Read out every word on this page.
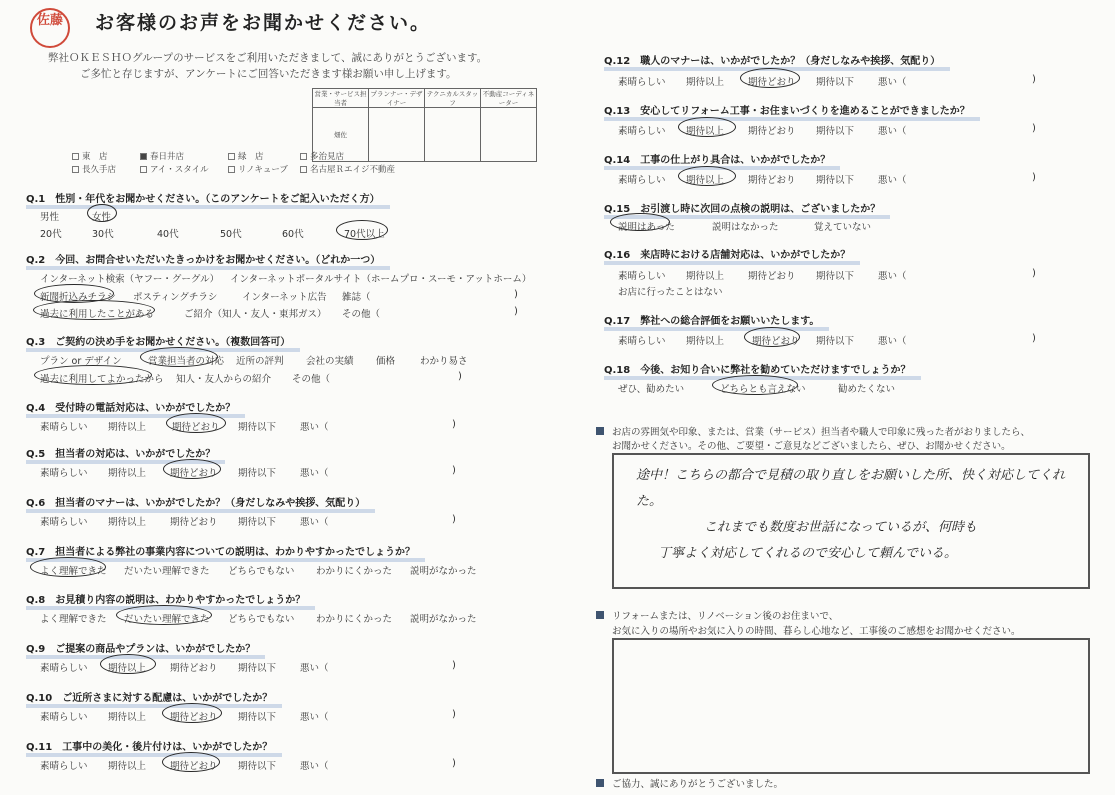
佐藤	お客様のお声をお聞かせください。
弊社ＯＫＥＳＨＯグループのサービスをご利用いただきまして、誠にありがとうございます。
ご多忙と存じますが、アンケートにご回答いただきます様お願い申し上げます。
営業・サービス担当者	プランナー・デザイナー	テクニカルスタッフ	不動産コーディネーター
畑佐			
東　店	春日井店	緑　店	多治見店
長久手店	アイ・スタイル	リノキューブ	名古屋Ｒエイジ不動産
Q.1　性別・年代をお聞かせください。（このアンケートをご記入いただく方）
男性	女性
20代	30代	40代	50代	60代	70代以上
Q.2　今回、お問合せいただいたきっかけをお聞かせください。（どれか一つ）
インターネット検索（ヤフー・グーグル） インターネットポータルサイト（ホームプロ・スーモ・アットホーム）
新聞折込みチラシ ポスティングチラシ	インターネット広告 雑誌（	)
過去に利用したことがある	ご紹介（知人・友人・東邦ガス） その他（	)
Q.3　ご契約の決め手をお聞かせください。（複数回答可）
プラン or デザイン	営業担当者の対応 近所の評判 会社の実績 価格	わかり易さ
過去に利用してよかったから 知人・友人からの紹介 その他（	)
Q.4　受付時の電話対応は、いかがでしたか？
素晴らしい 期待以上	期待どおり 期待以下	悪い（	)
Q.5　担当者の対応は、いかがでしたか？
素晴らしい 期待以上	期待どおり 期待以下	悪い（	)
Q.6　担当者のマナーは、いかがでしたか？（身だしなみや挨拶、気配り）
素晴らしい 期待以上	期待どおり 期待以下	悪い（	)
Q.7　担当者による弊社の事業内容についての説明は、わかりやすかったでしょうか？
よく理解できた だいたい理解できた どちらでもない わかりにくかった 説明がなかった
Q.8　お見積り内容の説明は、わかりやすかったでしょうか？
よく理解できた だいたい理解できた どちらでもない わかりにくかった 説明がなかった
Q.9　ご提案の商品やプランは、いかがでしたか？
素晴らしい 期待以上	期待どおり 期待以下	悪い（	)
Q.10　ご近所さまに対する配慮は、いかがでしたか？
素晴らしい 期待以上	期待どおり 期待以下	悪い（	)
Q.11　工事中の美化・後片付けは、いかがでしたか？
素晴らしい 期待以上	期待どおり 期待以下	悪い（	)
Q.12　職人のマナーは、いかがでしたか？（身だしなみや挨拶、気配り）
素晴らしい 期待以上	期待どおり 期待以下	悪い（	)
Q.13　安心してリフォーム工事・お住まいづくりを進めることができましたか？
素晴らしい 期待以上	期待どおり 期待以下	悪い（	)
Q.14　工事の仕上がり具合は、いかがでしたか？
素晴らしい 期待以上	期待どおり 期待以下	悪い（	)
Q.15　お引渡し時に次回の点検の説明は、ございましたか？
説明はあった	説明はなかった	覚えていない
Q.16　来店時における店舗対応は、いかがでしたか？
素晴らしい 期待以上	期待どおり 期待以下	悪い（	)
お店に行ったことはない
Q.17　弊社への総合評価をお願いいたします。
素晴らしい 期待以上	期待どおり 期待以下	悪い（	)
Q.18　今後、お知り合いに弊社を勧めていただけますでしょうか？
ぜひ、勧めたい	どちらとも言えない	勧めたくない
お店の雰囲気や印象、または、営業（サービス）担当者や職人で印象に残った者がおりましたら、
お聞かせください。その他、ご要望・ご意見などございましたら、ぜひ、お聞かせください。
途中！こちらの都合で見積の取り直しをお願いした所、快く対応してくれた。
これまでも数度お世話になっているが、何時も
丁寧よく対応してくれるので安心して頼んでいる。
リフォームまたは、リノベーション後のお住まいで、
お気に入りの場所やお気に入りの時間、暮らし心地など、工事後のご感想をお聞かせください。
ご協力、誠にありがとうございました。
